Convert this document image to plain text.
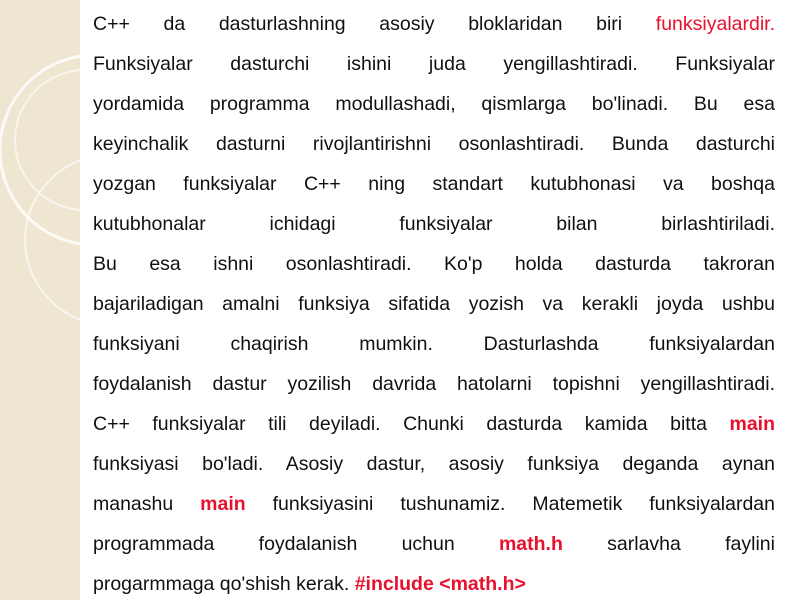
C++ da dasturlashning asosiy bloklaridan biri funksiyalardir.
Funksiyalar dasturchi ishini juda yengillashtiradi. Funksiyalar
yordamida programma modullashadi, qismlarga bo'linadi. Bu esa
keyinchalik dasturni rivojlantirishni osonlashtiradi. Bunda dasturchi
yozgan funksiyalar C++ ning standart kutubhonasi va boshqa
kutubhonalar ichidagi funksiyalar bilan birlashtiriladi.
Bu esa ishni osonlashtiradi. Ko'p holda dasturda takroran
bajariladigan amalni funksiya sifatida yozish va kerakli joyda ushbu
funksiyani chaqirish mumkin. Dasturlashda funksiyalardan
foydalanish dastur yozilish davrida hatolarni topishni yengillashtiradi.
C++ funksiyalar tili deyiladi. Chunki dasturda kamida bitta main
funksiyasi bo'ladi. Asosiy dastur, asosiy funksiya deganda aynan
manashu main funksiyasini tushunamiz. Matemetik funksiyalardan
programmada foydalanish uchun math.h sarlavha faylini
progarmmaga qo'shish kerak. #include <math.h>
